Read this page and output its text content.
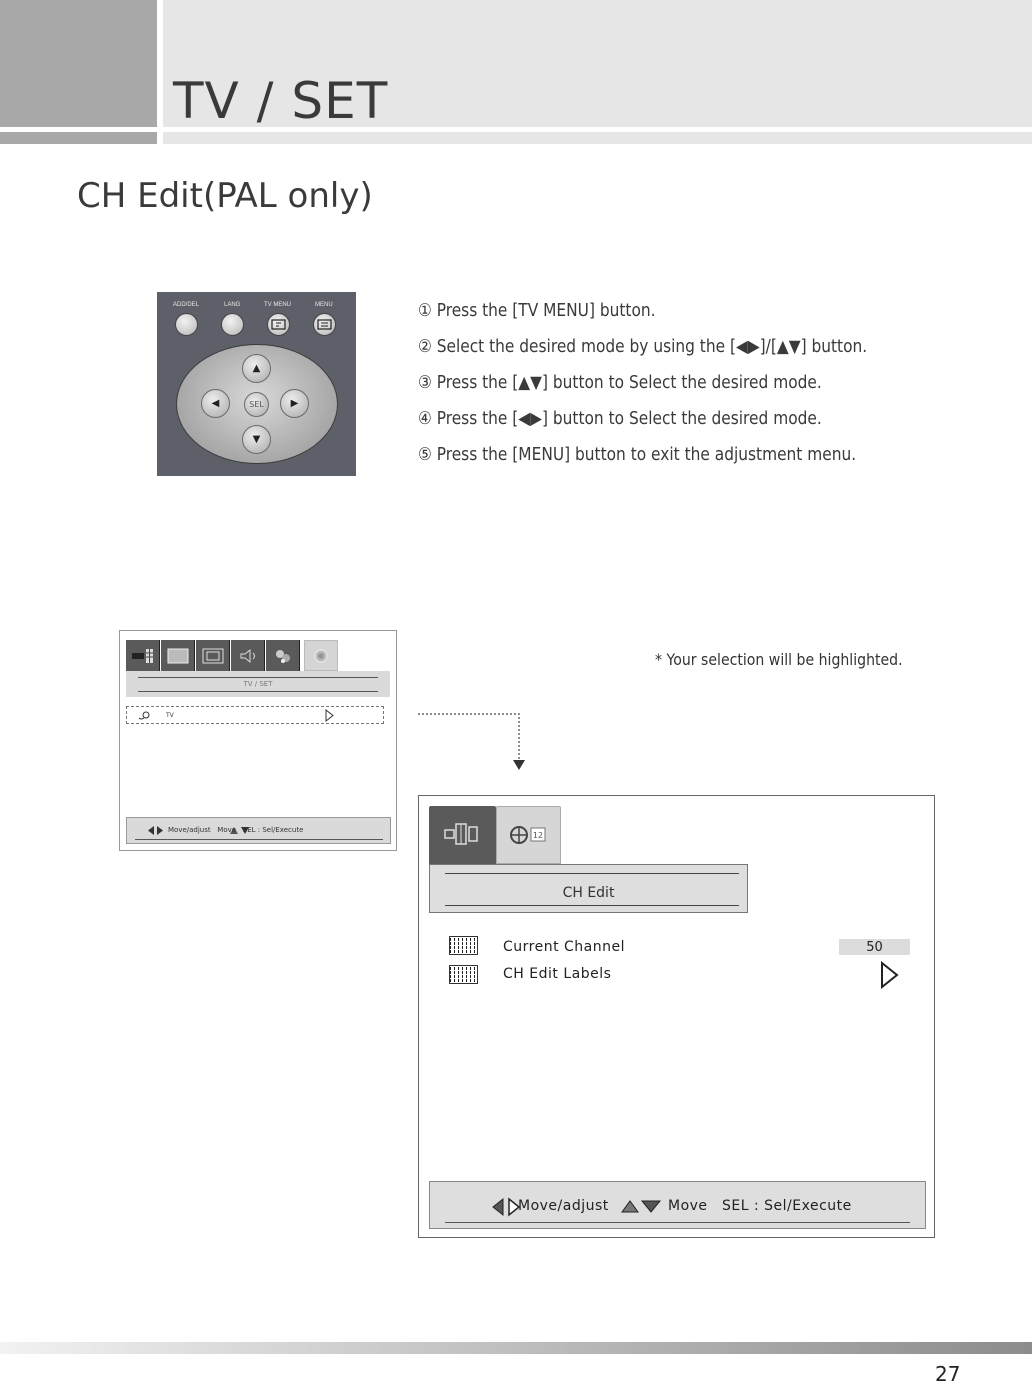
TV / SET
CH Edit(PAL only)
ADD/DEL	LANG	TV MENU	MENU
▲
▼
◀	▶
SEL
① Press the [TV MENU] button.
② Select the desired mode by using the [◀▶]/[▲▼] button.
③ Press the [▲▼] button to Select the desired mode.
④ Press the [◀▶] button to Select the desired mode.
⑤ Press the [MENU] button to exit the adjustment menu.
TV / SET
TV
Move/adjust   Move   SEL : Sel/Execute
* Your selection will be highlighted.
12
CH Edit
Current Channel	50
CH Edit Labels
Move/adjust	Move SEL : Sel/Execute
27
